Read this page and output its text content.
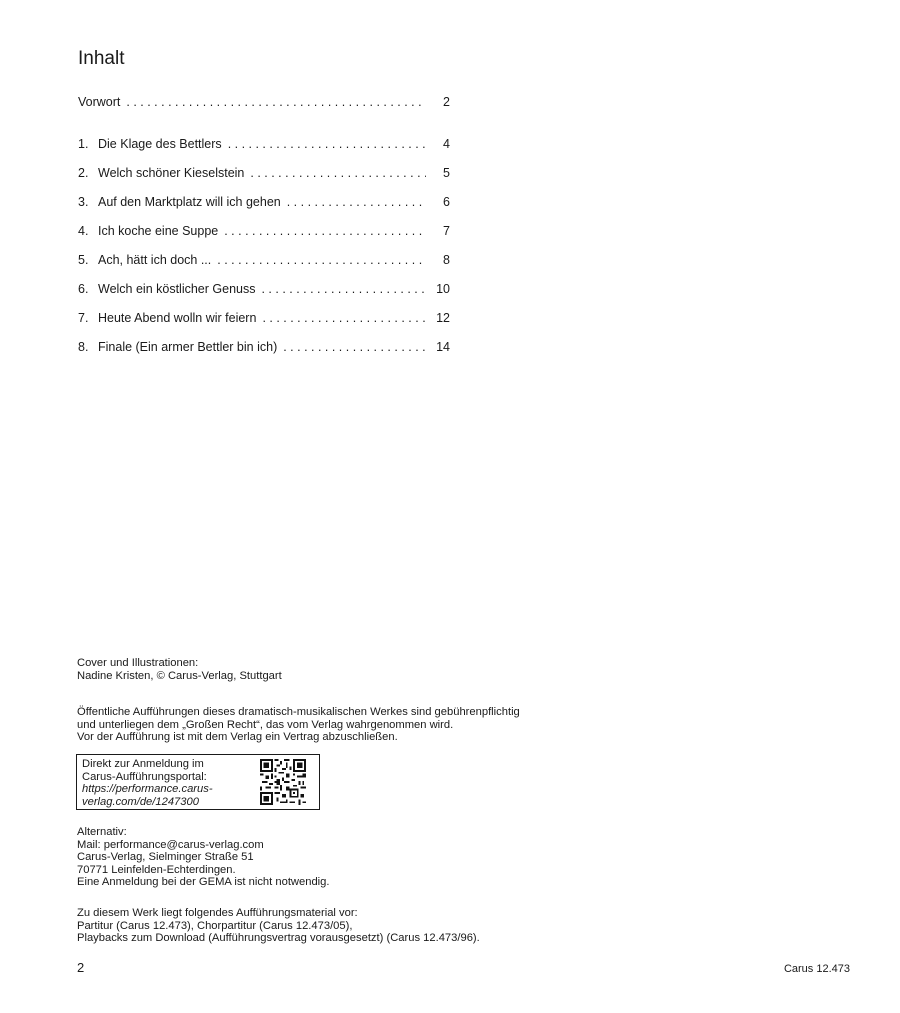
Inhalt
Vorwort . . .	2
1. Die Klage des Bettlers . . .	4
2. Welch schöner Kieselstein . . .	5
3. Auf den Marktplatz will ich gehen . . .	6
4. Ich koche eine Suppe . . .	7
5. Ach, hätt ich doch ... . . .	8
6. Welch ein köstlicher Genuss . . .	10
7. Heute Abend wolln wir feiern . . .	12
8. Finale (Ein armer Bettler bin ich) . . .	14
Cover und Illustrationen:
Nadine Kristen, © Carus-Verlag, Stuttgart
Öffentliche Aufführungen dieses dramatisch-musikalischen Werkes sind gebührenpflichtig
und unterliegen dem „Großen Recht“, das vom Verlag wahrgenommen wird.
Vor der Aufführung ist mit dem Verlag ein Vertrag abzuschließen.
Direkt zur Anmeldung im
Carus-Aufführungsportal:
https://performance.carus-
verlag.com/de/1247300
Alternativ:
Mail: performance@carus-verlag.com
Carus-Verlag, Sielminger Straße 51
70771 Leinfelden-Echterdingen.
Eine Anmeldung bei der GEMA ist nicht notwendig.
Zu diesem Werk liegt folgendes Aufführungsmaterial vor:
Partitur (Carus 12.473), Chorpartitur (Carus 12.473/05),
Playbacks zum Download (Aufführungsvertrag vorausgesetzt) (Carus 12.473/96).
2	Carus 12.473
